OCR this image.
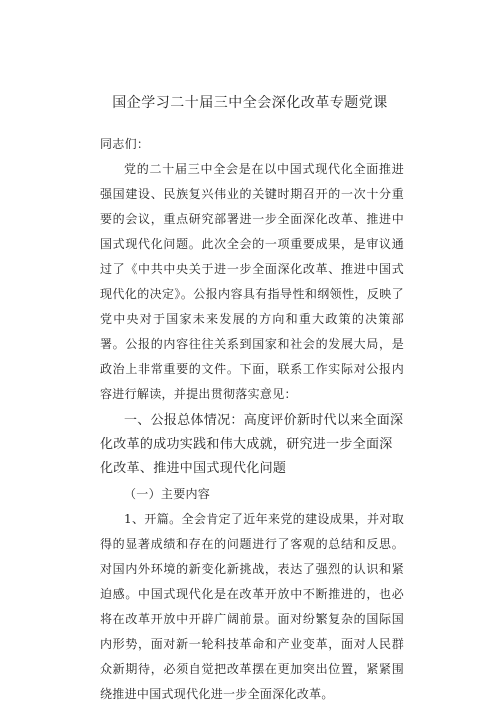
国企学习二十届三中全会深化改革专题党课

同志们：

党的二十届三中全会是在以中国式现代化全面推进强国建设、民族复兴伟业的关键时期召开的一次十分重要的会议，重点研究部署进一步全面深化改革、推进中国式现代化问题。此次全会的一项重要成果，是审议通过了《中共中央关于进一步全面深化改革、推进中国式现代化的决定》。公报内容具有指导性和纲领性，反映了党中央对于国家未来发展的方向和重大政策的决策部署。公报的内容往往关系到国家和社会的发展大局，是政治上非常重要的文件。下面，联系工作实际对公报内容进行解读，并提出贯彻落实意见：

一、公报总体情况：高度评价新时代以来全面深化改革的成功实践和伟大成就，研究进一步全面深化改革、推进中国式现代化问题

（一）主要内容

1、开篇。全会肯定了近年来党的建设成果，并对取得的显著成绩和存在的问题进行了客观的总结和反思。对国内外环境的新变化新挑战，表达了强烈的认识和紧迫感。中国式现代化是在改革开放中不断推进的，也必将在改革开放中开辟广阔前景。面对纷繁复杂的国际国内形势，面对新一轮科技革命和产业变革，面对人民群众新期待，必须自觉把改革摆在更加突出位置，紧紧围绕推进中国式现代化进一步全面深化改革。
